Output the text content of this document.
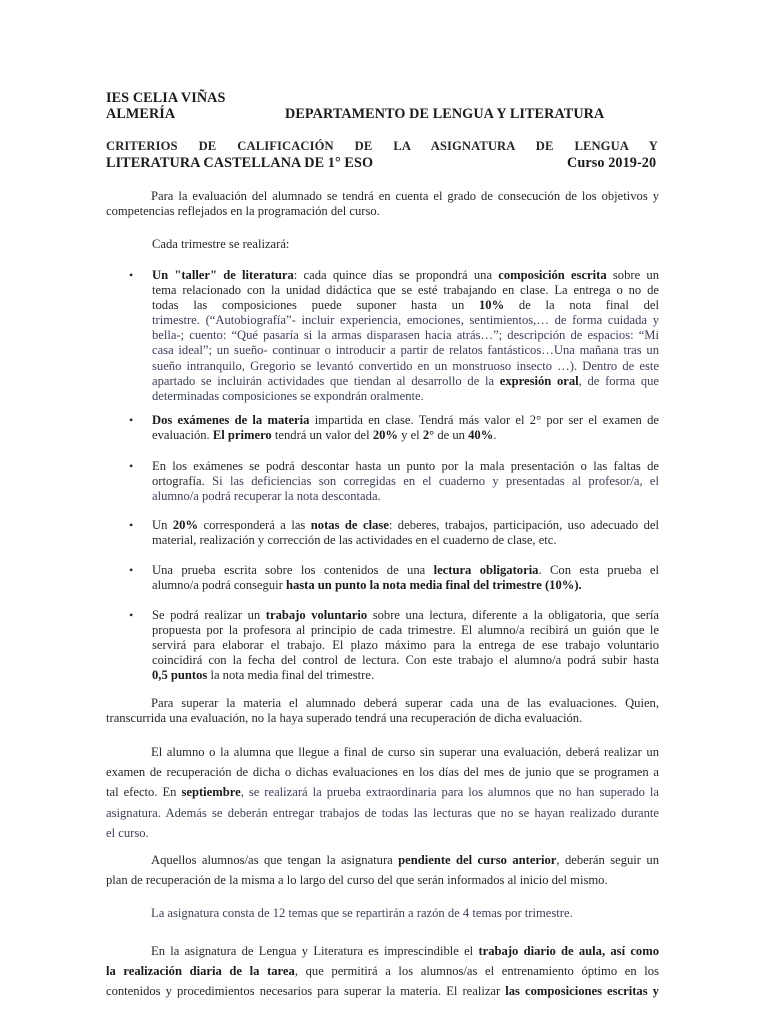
IES CELIA VIÑAS
ALMERÍA	DEPARTAMENTO DE LENGUA Y LITERATURA
CRITERIOS DE CALIFICACIÓN DE LA ASIGNATURA DE LENGUA Y
LITERATURA CASTELLANA DE 1° ESO	Curso 2019-20
Para la evaluación del alumnado se tendrá en cuenta el grado de consecución de los objetivos y
competencias reflejados en la programación del curso.
Cada trimestre se realizará:
• Un "taller" de literatura: cada quince días se propondrá una composición escrita sobre un
tema relacionado con la unidad didáctica que se esté trabajando en clase. La entrega o no de
todas las composiciones puede suponer hasta un 10% de la nota final del
trimestre. (“Autobiografía”- incluir experiencia, emociones, sentimientos,… de forma cuidada y
bella-; cuento: “Qué pasaría si la armas disparasen hacia atrás…”; descripción de espacios: “Mi
casa ideal”; un sueño- continuar o introducir a partir de relatos fantásticos…Una mañana tras un
sueño intranquilo, Gregorio se levantó convertido en un monstruoso insecto …). Dentro de este
apartado se incluirán actividades que tiendan al desarrollo de la expresión oral, de forma que
determinadas composiciones se expondrán oralmente.
• Dos exámenes de la materia impartida en clase. Tendrá más valor el 2° por ser el examen de
evaluación. El primero tendrá un valor del 20% y el 2° de un 40%.
• En los exámenes se podrá descontar hasta un punto por la mala presentación o las faltas de
ortografía. Si las deficiencias son corregidas en el cuaderno y presentadas al profesor/a, el
alumno/a podrá recuperar la nota descontada.
• Un 20% corresponderá a las notas de clase: deberes, trabajos, participación, uso adecuado del
material, realización y corrección de las actividades en el cuaderno de clase, etc.
• Una prueba escrita sobre los contenidos de una lectura obligatoria. Con esta prueba el
alumno/a podrá conseguir hasta un punto la nota media final del trimestre (10%).
• Se podrá realizar un trabajo voluntario sobre una lectura, diferente a la obligatoria, que sería
propuesta por la profesora al principio de cada trimestre. El alumno/a recibirá un guión que le
servirá para elaborar el trabajo. El plazo máximo para la entrega de ese trabajo voluntario
coincidirá con la fecha del control de lectura. Con este trabajo el alumno/a podrá subir hasta
0,5 puntos la nota media final del trimestre.
Para superar la materia el alumnado deberá superar cada una de las evaluaciones. Quien,
transcurrida una evaluación, no la haya superado tendrá una recuperación de dicha evaluación.
El alumno o la alumna que llegue a final de curso sin superar una evaluación, deberá realizar un
examen de recuperación de dicha o dichas evaluaciones en los días del mes de junio que se programen a
tal efecto. En septiembre, se realizará la prueba extraordinaria para los alumnos que no han superado la
asignatura. Además se deberán entregar trabajos de todas las lecturas que no se hayan realizado durante
el curso.
Aquellos alumnos/as que tengan la asignatura pendiente del curso anterior, deberán seguir un
plan de recuperación de la misma a lo largo del curso del que serán informados al inicio del mismo.
La asignatura consta de 12 temas que se repartirán a razón de 4 temas por trimestre.
En la asignatura de Lengua y Literatura es imprescindible el trabajo diario de aula, así como
la realización diaria de la tarea, que permitirá a los alumnos/as el entrenamiento óptimo en los
contenidos y procedimientos necesarios para superar la materia. El realizar las composiciones escritas y
